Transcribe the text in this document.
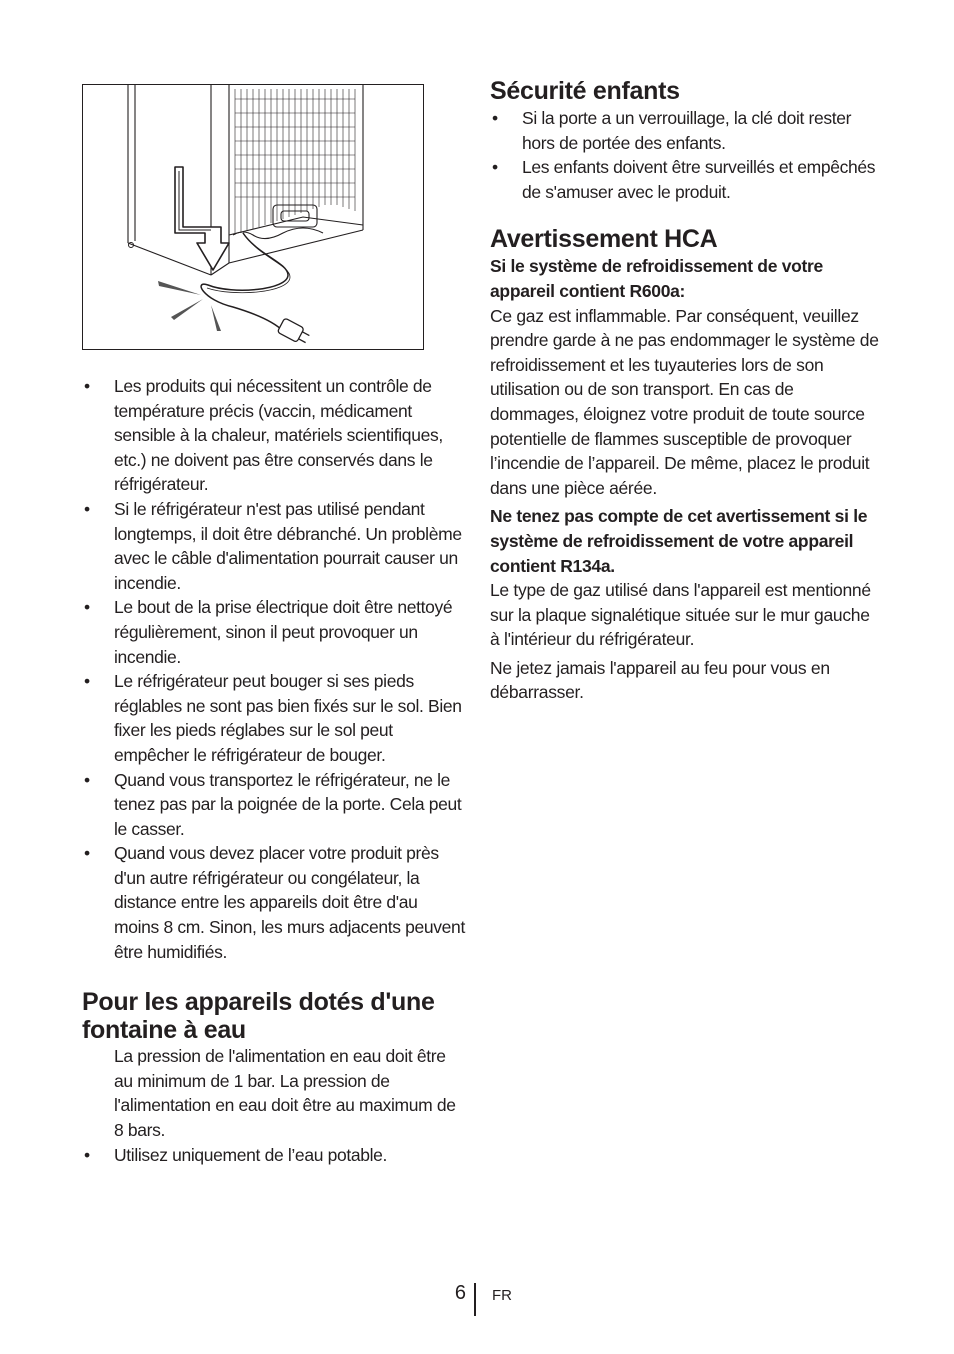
• Les produits qui nécessitent un contrôle de température précis (vaccin, médicament sensible à la chaleur, matériels scientifiques, etc.) ne doivent pas être conservés dans le réfrigérateur.
• Si le réfrigérateur n'est pas utilisé pendant longtemps, il doit être débranché. Un problème avec le câble d'alimentation pourrait causer un incendie.
• Le bout de la prise électrique doit être nettoyé régulièrement, sinon il peut provoquer un incendie.
• Le réfrigérateur peut bouger si ses pieds réglables ne sont pas bien fixés sur le sol. Bien fixer les pieds réglabes sur le sol peut empêcher le réfrigérateur de bouger.
• Quand vous transportez le réfrigérateur, ne le tenez pas par la poignée de la porte. Cela peut le casser.
• Quand vous devez placer votre produit près d'un autre réfrigérateur ou congélateur, la distance entre les appareils doit être d'au moins 8 cm. Sinon, les murs adjacents peuvent être humidifiés.
Pour les appareils dotés d'une fontaine à eau

La pression de l'alimentation en eau doit être au minimum de 1 bar. La pression de l'alimentation en eau doit être au maximum de 8 bars.

• Utilisez uniquement de l’eau potable.
Sécurité enfants
• Si la porte a un verrouillage, la clé doit rester hors de portée des enfants.
• Les enfants doivent être surveillés et empêchés de s'amuser avec le produit.
Avertissement HCA

Si le système de refroidissement de votre appareil contient R600a:

Ce gaz est inflammable. Par conséquent, veuillez prendre garde à ne pas endommager le système de refroidissement et les tuyauteries lors de son utilisation ou de son transport. En cas de dommages, éloignez votre produit de toute source potentielle de flammes susceptible de provoquer l’incendie de l’appareil. De même, placez le produit dans une pièce aérée.

Ne tenez pas compte de cet avertissement si le système de refroidissement de votre appareil contient R134a.

Le type de gaz utilisé dans l'appareil est mentionné sur la plaque signalétique située sur le mur gauche à l'intérieur du réfrigérateur.

Ne jetez jamais l'appareil au feu pour vous en débarrasser.

6 FR
